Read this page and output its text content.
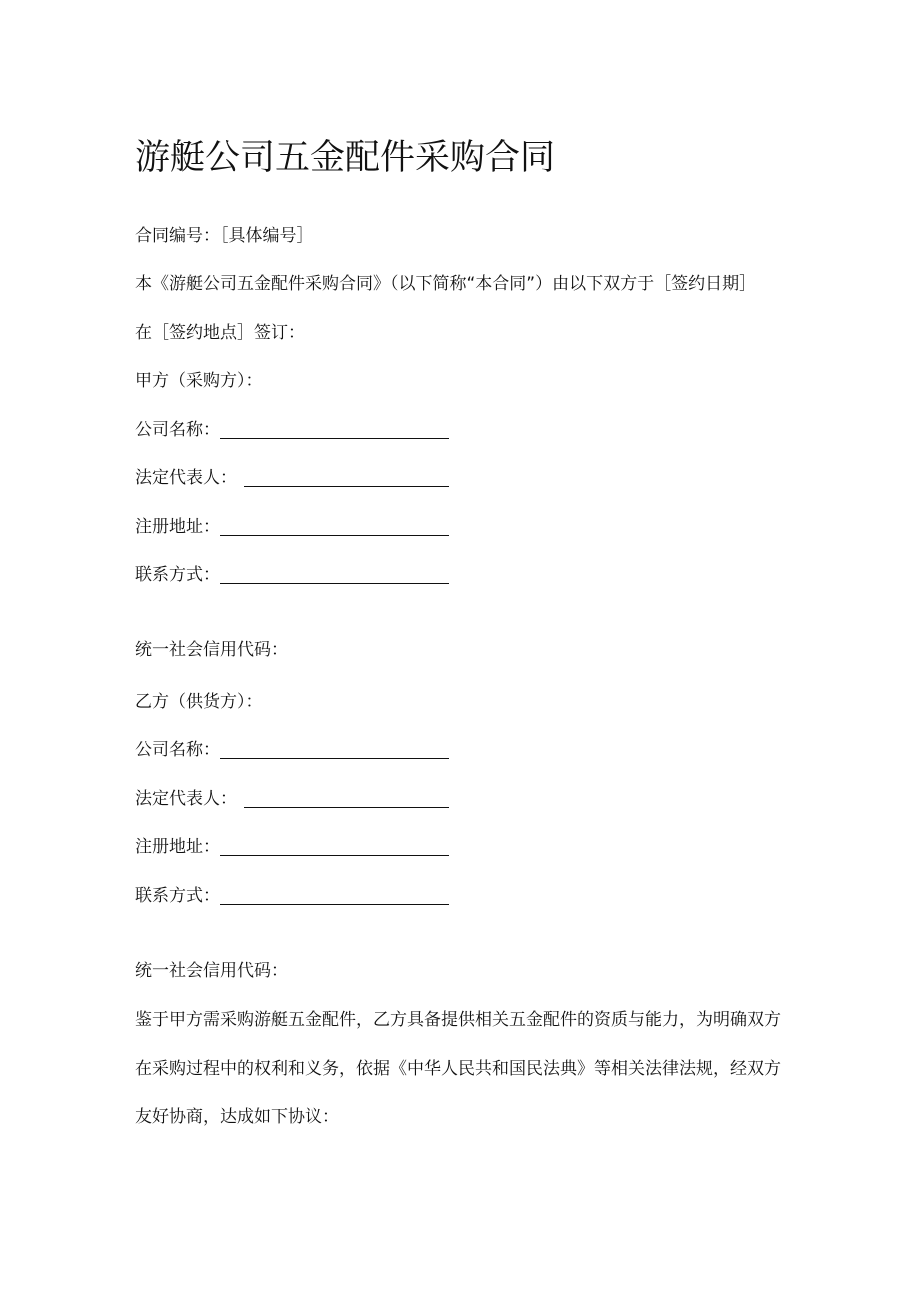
游艇公司五金配件采购合同

合同编号：［具体编号］

本《游艇公司五金配件采购合同》（以下简称“本合同”）由以下双方于［签约日期］

在［签约地点］签订：

甲方（采购方）：

公司名称：
法定代表人：
注册地址：
联系方式：

统一社会信用代码：

乙方（供货方）：

公司名称：
法定代表人：
注册地址：
联系方式：

统一社会信用代码：

鉴于甲方需采购游艇五金配件，乙方具备提供相关五金配件的资质与能力，为明确双方

在采购过程中的权利和义务，依据《中华人民共和国民法典》等相关法律法规，经双方

友好协商，达成如下协议：
